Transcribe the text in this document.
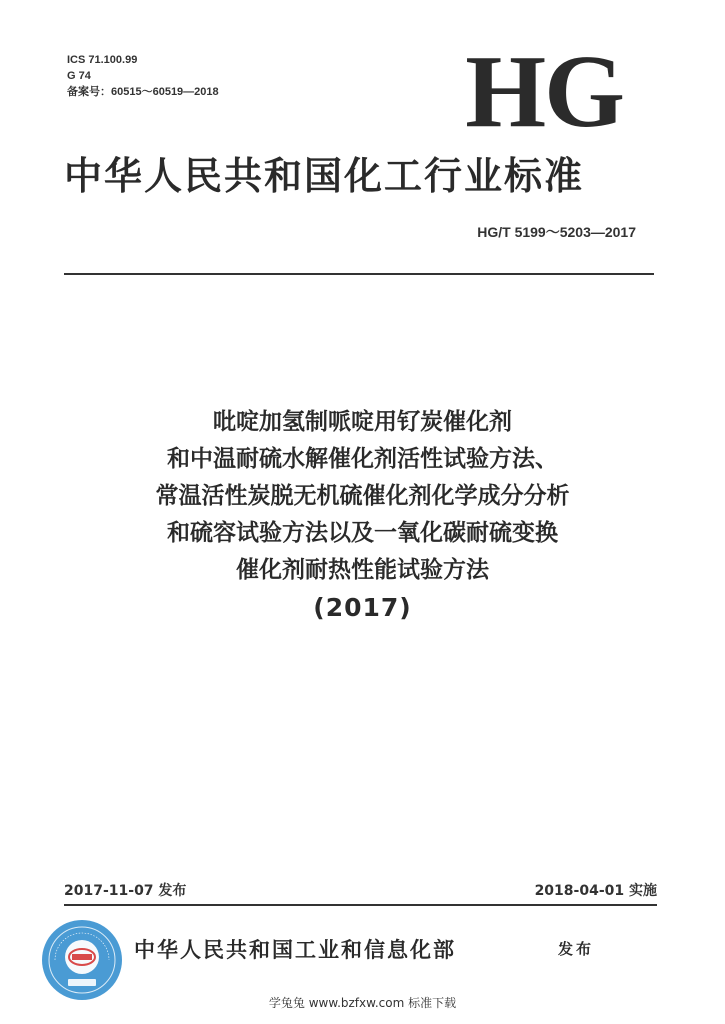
ICS 71.100.99
G 74
备案号：60515～60519—2018 HG
中华人民共和国化工行业标准
HG/T 5199～5203—2017
吡啶加氢制哌啶用钌炭催化剂
和中温耐硫水解催化剂活性试验方法、
常温活性炭脱无机硫催化剂化学成分分析
和硫容试验方法以及一氧化碳耐硫变换
催化剂耐热性能试验方法
(2017)
2017-11-07 发布	2018-04-01 实施
中华人民共和国工业和信息化部	发布
学兔兔 www.bzfxw.com 标准下载
